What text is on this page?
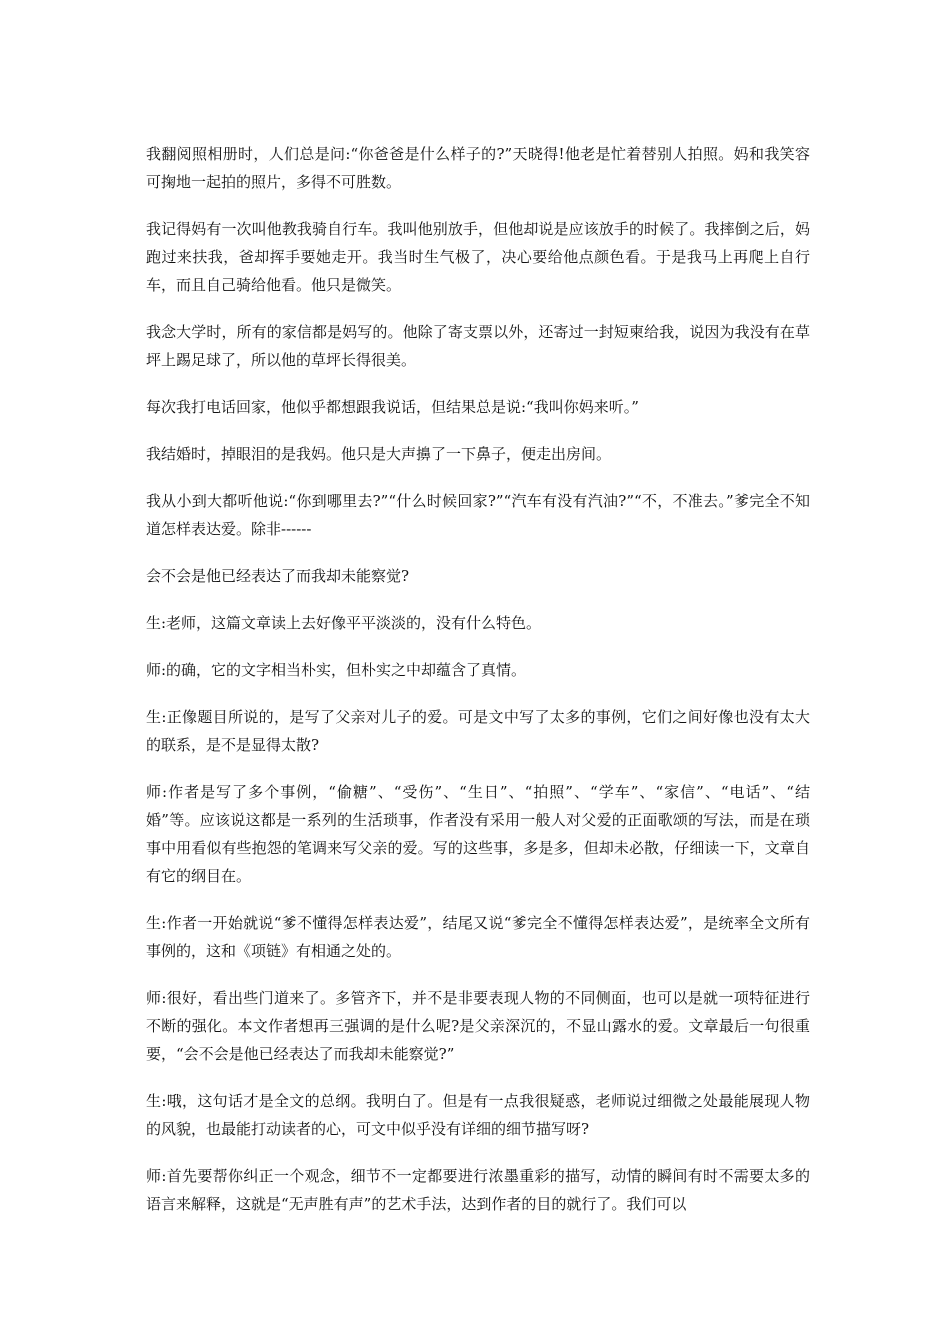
我翻阅照相册时，人们总是问:“你爸爸是什么样子的?”天晓得!他老是忙着替别人拍照。妈和我笑容可掬地一起拍的照片，多得不可胜数。

我记得妈有一次叫他教我骑自行车。我叫他别放手，但他却说是应该放手的时候了。我摔倒之后，妈跑过来扶我，爸却挥手要她走开。我当时生气极了，决心要给他点颜色看。于是我马上再爬上自行车，而且自己骑给他看。他只是微笑。

我念大学时，所有的家信都是妈写的。他除了寄支票以外，还寄过一封短柬给我，说因为我没有在草坪上踢足球了，所以他的草坪长得很美。

每次我打电话回家，他似乎都想跟我说话，但结果总是说:“我叫你妈来听。”

我结婚时，掉眼泪的是我妈。他只是大声擤了一下鼻子，便走出房间。

我从小到大都听他说:“你到哪里去?”“什么时候回家?”“汽车有没有汽油?”“不，不准去。”爹完全不知道怎样表达爱。除非------

会不会是他已经表达了而我却未能察觉?

生:老师，这篇文章读上去好像平平淡淡的，没有什么特色。

师:的确，它的文字相当朴实，但朴实之中却蕴含了真情。

生:正像题目所说的，是写了父亲对儿子的爱。可是文中写了太多的事例，它们之间好像也没有太大的联系，是不是显得太散?

师:作者是写了多个事例，“偷糖”、“受伤”、“生日”、“拍照”、“学车”、“家信”、“电话”、“结婚”等。应该说这都是一系列的生活琐事，作者没有采用一般人对父爱的正面歌颂的写法，而是在琐事中用看似有些抱怨的笔调来写父亲的爱。写的这些事，多是多，但却未必散，仔细读一下，文章自有它的纲目在。

生:作者一开始就说“爹不懂得怎样表达爱”，结尾又说“爹完全不懂得怎样表达爱”，是统率全文所有事例的，这和《项链》有相通之处的。

师:很好，看出些门道来了。多管齐下，并不是非要表现人物的不同侧面，也可以是就一项特征进行不断的强化。本文作者想再三强调的是什么呢?是父亲深沉的，不显山露水的爱。文章最后一句很重要，“会不会是他已经表达了而我却未能察觉?”

生:哦，这句话才是全文的总纲。我明白了。但是有一点我很疑惑，老师说过细微之处最能展现人物的风貌，也最能打动读者的心，可文中似乎没有详细的细节描写呀?

师:首先要帮你纠正一个观念，细节不一定都要进行浓墨重彩的描写，动情的瞬间有时不需要太多的语言来解释，这就是“无声胜有声”的艺术手法，达到作者的目的就行了。我们可以
